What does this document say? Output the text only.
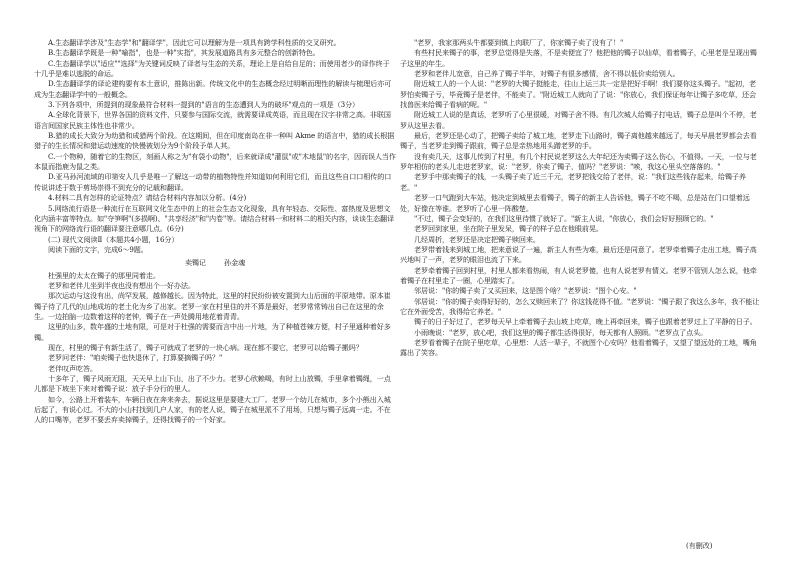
A.生态翻译学涉及"生态学"和"翻译学"，因此它可以理解为是一项具有跨学科性质的交叉研究。

B.生态翻译学既是一种"喻指"，也是一种"实指"，其发展道路具有多元整合的创新特色。

C.生态翻译学以"适应""选择"为关键词反映了译者与生态的关系，理论上是自给自足的；而使用者少的译作终于十几乎是难以逃脱的命运。

D.生态翻译学的译论建构要有本土意识，推陈出新。传统文化中的生态概念经过明晰而理性的解读与梳理后亦可成为生态翻译学中的一般概念。

3.下列各项中，所提到的现象最符合材料一提到的"语言的生态遭到人为的破坏"观点的一项是（3分）

A.全球化背景下，世界各国的资料文件，只要参与国际交流，就需要译成英语，而且现在汉字非常之高。非联国语言间国家民族主体性也非常少。

B.猎的成长大致分为幼猎和成猎两个阶段。在这期间，但在印度南岛在非一种叫 Akme 的语言中，猎的成长根据猎子的生长情况和猎运动速度的快慢被划分为9个阶段予单人其。

C.一个物种，随着它的生物区，刻画人称之为"有袋小动物"，后来就译成"灌鼠"或"木地鼠"的名字，因而误人当作本鼠而指鹿为鼠之类。

D.亚马孙河流域的印第安人几乎是唯一了解这一动带的植物特性并知道如何利用它们，而且这些自口口相传的口传说讲述于数于剪场崇得不到充分的记载和翻译。

4.材料二具有怎样的论证特点？请结合材料内容加以分析。(4分)

5.网络流行语是一种流行在互联网文化生态中的上的社会生态文化现象，具有年轻态、交际性、富热度及思想文化内涵丰富等特点。如"夺笋啊"(多损啊)、"共享经济"和"内卷"等。请结合材料一和材料二的相关内容，谈谈生态翻译视角下的网络流行语的翻译要注意哪几点。(6分)

(二) 现代文阅读Ⅱ（本题共4小题，16分）

阅读下面的文字，完成6～9题。

卖镯记	孙金魂

杜强里的太太在镯子的那里同着走。

老罗和老伴儿坐到半夜也没有想出个一好办法。

那次运动与这没有出，尚罕发展，越修越长。因为特此，这里的村民纷纷被安置到大山后面的平原地带。原本崔镯子待了几代的山地成坊的老土化为乡了出家。老罗一家在村里住的并不算是最好，老罗常常铸出自己在这里的余生。一边拍脑一边数着这样的老钟，镯子在一声处腾用地花着青青。

这里的山多，数年盛的土地有限，可是对于杜强的需要而言中出一片地，为了种植苍辣方便，村子里通种着好多镯。

现在，村里的镯子有新生活了，镯子可就成了老罗的一块心病。现在都不要它，老罗可以给镯子搬吗？

老罗问老伴："咱卖镯子也快退休了，打算要摘镯子吗？"

老伴叹声吃答。

十多年了，镯子风雨无阻，天天早上山下山，出了不少力。老罗心欣赖喝，有时上山放镯，手里拿着镯绳，一点儿都是下坡坐下来对着镯子说：放子手分行的里人。

如今，公路上开着装车，车辆日夜在奔来奔去，据说这里是要建大工厂。老罗一个幼儿在城市，多个小熊出入城后起了，有说心过。不大的小山村找到几户人家，有的老人说，镯子在城里派不了用场，只想与镯子远离一走。不在人的口嘴等，老罗不要丢弃卖掉镯子，还得找镯子的一个好家。

"老罗，我家那两头牛都要到镇上肉联厂了，你家镯子卖了没有了！"

有些村民来镯子的事，老罗总觉得是失落，不是卖便宜了？他把他的镯子以仙草，看着镯子，心里老是呈现出镯子这里的年生。

老罗和老伴儿宽意，自己养了镯子半年，对镯子有很多感情，舍不得以低价卖给别人。

附近城工人的一个人说："老罗的大镯子挺能走，往山上运三共一定是把好手啊！我们要你这头镯子。"起初，老罗怕卖镯子亏，毕竟镯子是老伴，不能卖了。"附近城工人就向了了说："你放心，我们保证每年让镯子多吃草，还会找兽医来给镯子看病的呢。"

附近城工人说的是真话，老罗听了心里很暖，对镯子舍不得。有几次城人给镯子打电话，镯子总是叫个不停，老罗从这里去看。

最后，老罗还是心动了，把镯子卖给了城工地，老罗走下山路时，镯子离他越来越远了，每天早晨老罗都会去看镯子，当老罗走到镯子跟前，镯子总是亲热地用头蹭老罗的手。

没有卖几天，这事儿传到了村里，有几个村民说老罗这么大年纪还为卖镯子这么伤心，不值得。一天，一位与老罗年相仿的老头儿走进老罗家，说："老罗，你卖了镯子，值吗？"老罗说："唉，我这心里头空落落的。"

老罗手中那卖镯子的钱，一头镯子卖了近三千元，老罗把钱交给了老伴，说："我们这些钱存起来，给镯子养老。"

老罗一口气跑到大车站，他决定到城里去看镯子，镯子的新主人告诉他，镯子不吃不喝，总是站在门口望着远处，好像在等谁。老罗听了心里一阵酸楚。

"不过，镯子会变好的，在我们这里待惯了就好了。"新主人说，"你放心，我们会好好照顾它的。"

老罗回到家里，坐在院子里发呆，镯子的样子总在他眼前晃。

几经周折，老罗还是决定把镯子赎回来。

老罗带着钱来到城工地，把来意说了一遍，新主人有些为难，最后还是同意了。老罗牵着镯子走出工地，镯子高兴地叫了一声，老罗的眼泪也流了下来。

老罗牵着镯子回到村里，村里人都来看热闹，有人说老罗傻，也有人说老罗有情义。老罗不管别人怎么说，他牵着镯子在村里走了一圈，心里踏实了。

邻居说："你的镯子卖了又买回来，这是图个啥？"老罗说："图个心安。"

邻居说："你的镯子卖得好好的，怎么又赎回来了？你这钱花得不值。"老罗说："镯子跟了我这么多年，我不能让它在外面受苦，我得给它养老。"

镯子的日子好过了，老罗每天早上牵着镯子去山坡上吃草，晚上再牵回来，镯子也跟着老罗过上了平静的日子。

小雨晚说："老罗，放心吧，我们这里的镯子都生活得很好，每天都有人照顾。"老罗点了点头。

老罗看着镯子在院子里吃草，心里想：人活一辈子，不就图个心安吗？他看着镯子，又望了望远处的工地，嘴角露出了笑容。

(有删改)
